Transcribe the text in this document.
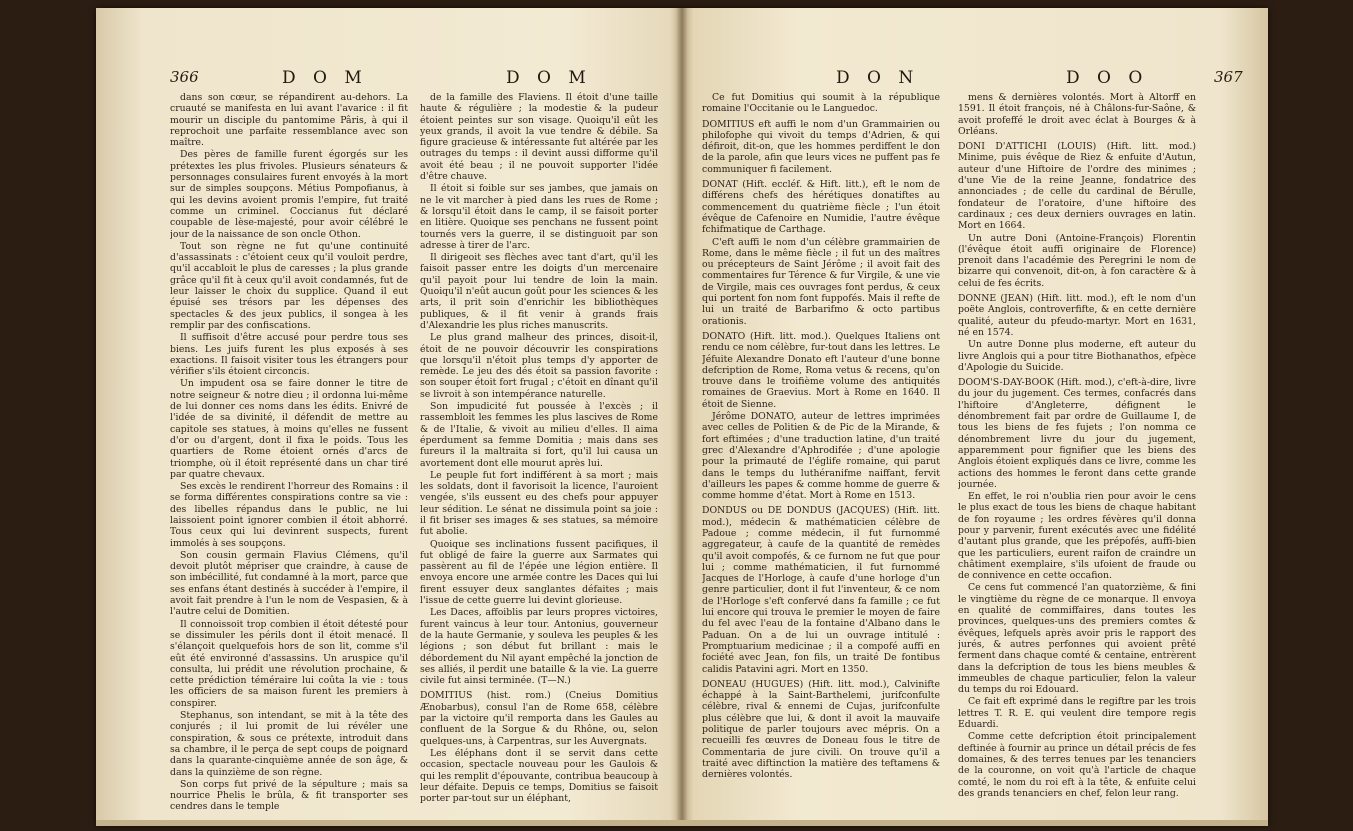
366	D O M	D O M

dans son cœur, se répandirent au-dehors. La cruauté se manifesta en lui avant l'avarice : il fit mourir un disciple du pantomime Pâris, à qui il reprochoit une parfaite ressemblance avec son maître.

Des pères de famille furent égorgés sur les prétextes les plus frivoles. Plusieurs sénateurs & personnages consulaires furent envoyés à la mort sur de simples soupçons. Métius Pompofianus, à qui les devins avoient promis l'empire, fut traité comme un criminel. Coccianus fut déclaré coupable de lèse-majesté, pour avoir célébré le jour de la naissance de son oncle Othon.

Tout son règne ne fut qu'une continuité d'assassinats : c'étoient ceux qu'il vouloit perdre, qu'il accabloit le plus de caresses ; la plus grande grâce qu'il fit à ceux qu'il avoit condamnés, fut de leur laisser le choix du supplice. Quand il eut épuisé ses trésors par les dépenses des spectacles & des jeux publics, il songea à les remplir par des confiscations.

Il suffisoit d'être accusé pour perdre tous ses biens. Les juifs furent les plus exposés à ses exactions. Il faisoit visiter tous les étrangers pour vérifier s'ils étoient circoncis.

Un impudent osa se faire donner le titre de notre seigneur & notre dieu ; il ordonna lui-même de lui donner ces noms dans les édits. Enivré de l'idée de sa divinité, il défendit de mettre au capitole ses statues, à moins qu'elles ne fussent d'or ou d'argent, dont il fixa le poids. Tous les quartiers de Rome étoient ornés d'arcs de triomphe, où il étoit représenté dans un char tiré par quatre chevaux.

Ses excès le rendirent l'horreur des Romains : il se forma différentes conspirations contre sa vie : des libelles répandus dans le public, ne lui laissoient point ignorer combien il étoit abhorré. Tous ceux qui lui devinrent suspects, furent immolés à ses soupçons.

Son cousin germain Flavius Clémens, qu'il devoit plutôt mépriser que craindre, à cause de son imbécillité, fut condamné à la mort, parce que ses enfans étant destinés à succéder à l'empire, il avoit fait prendre à l'un le nom de Vespasien, & à l'autre celui de Domitien.

Il connoissoit trop combien il étoit détesté pour se dissimuler les périls dont il étoit menacé. Il s'élançoit quelquefois hors de son lit, comme s'il eût été environné d'assassins. Un aruspice qu'il consulta, lui prédit une révolution prochaine, & cette prédiction téméraire lui coûta la vie : tous les officiers de sa maison furent les premiers à conspirer.

Stephanus, son intendant, se mit à la tête des conjurés ; il lui promit de lui révéler une conspiration, & sous ce prétexte, introduit dans sa chambre, il le perça de sept coups de poignard dans la quarante-cinquième année de son âge, & dans la quinzième de son règne.

Son corps fut privé de la sépulture ; mais sa nourrice Phelis le brûla, & fit transporter ses cendres dans le temple

de la famille des Flaviens. Il étoit d'une taille haute & régulière ; la modestie & la pudeur étoient peintes sur son visage. Quoiqu'il eût les yeux grands, il avoit la vue tendre & débile. Sa figure gracieuse & intéressante fut altérée par les outrages du temps : il devint aussi difforme qu'il avoit été beau ; il ne pouvoit supporter l'idée d'être chauve.

Il étoit si foible sur ses jambes, que jamais on ne le vit marcher à pied dans les rues de Rome ; & lorsqu'il étoit dans le camp, il se faisoit porter en litière. Quoique ses penchans ne fussent point tournés vers la guerre, il se distinguoit par son adresse à tirer de l'arc.

Il dirigeoit ses flèches avec tant d'art, qu'il les faisoit passer entre les doigts d'un mercenaire qu'il payoit pour lui tendre de loin la main. Quoiqu'il n'eût aucun goût pour les sciences & les arts, il prit soin d'enrichir les bibliothèques publiques, & il fit venir à grands frais d'Alexandrie les plus riches manuscrits.

Le plus grand malheur des princes, disoit-il, étoit de ne pouvoir découvrir les conspirations que lorsqu'il n'étoit plus temps d'y apporter de remède. Le jeu des dés étoit sa passion favorite : son souper étoit fort frugal ; c'étoit en dînant qu'il se livroit à son intempérance naturelle.

Son impudicité fut poussée à l'excès ; il rassembloit les femmes les plus lascives de Rome & de l'Italie, & vivoit au milieu d'elles. Il aima éperdument sa femme Domitia ; mais dans ses fureurs il la maltraita si fort, qu'il lui causa un avortement dont elle mourut après lui.

Le peuple fut fort indifférent à sa mort ; mais les soldats, dont il favorisoit la licence, l'auroient vengée, s'ils eussent eu des chefs pour appuyer leur sédition. Le sénat ne dissimula point sa joie : il fit briser ses images & ses statues, sa mémoire fut abolie.

Quoique ses inclinations fussent pacifiques, il fut obligé de faire la guerre aux Sarmates qui passèrent au fil de l'épée une légion entière. Il envoya encore une armée contre les Daces qui lui firent essuyer deux sanglantes défaites ; mais l'issue de cette guerre lui devint glorieuse.

Les Daces, affoiblis par leurs propres victoires, furent vaincus à leur tour. Antonius, gouverneur de la haute Germanie, y souleva les peuples & les légions ; son début fut brillant : mais le débordement du Nil ayant empêché la jonction de ses alliés, il perdit une bataille & la vie. La guerre civile fut ainsi terminée. (T—N.)

DOMITIUS (hist. rom.) (Cneius Domitius Ænobarbus), consul l'an de Rome 658, célèbre par la victoire qu'il remporta dans les Gaules au confluent de la Sorgue & du Rhône, ou, selon quelques-uns, à Carpentras, sur les Auvergnats.

Les éléphans dont il se servit dans cette occasion, spectacle nouveau pour les Gaulois & qui les remplit d'épouvante, contribua beaucoup à leur défaite. Depuis ce temps, Domitius se faisoit porter par-tout sur un éléphant,

D O N	D O O	367

Ce fut Domitius qui soumit à la république romaine l'Occitanie ou le Languedoc.

DOMITIUS eft auffi le nom d'un Grammairien ou philofophe qui vivoit du temps d'Adrien, & qui défiroit, dit-on, que les hommes perdiffent le don de la parole, afin que leurs vices ne puffent pas fe communiquer fi facilement.

DONAT (Hift. eccléf. & Hift. litt.), eft le nom de différens chefs des hérétiques donatiftes au commencement du quatrième fiècle ; l'un étoit évêque de Cafenoire en Numidie, l'autre évêque fchifmatique de Carthage.

C'eft auffi le nom d'un célèbre grammairien de Rome, dans le même fiècle ; il fut un des maîtres ou précepteurs de Saint Jérôme ; il avoit fait des commentaires fur Térence & fur Virgile, & une vie de Virgile, mais ces ouvrages font perdus, & ceux qui portent fon nom font fuppofés. Mais il refte de lui un traité de Barbarifmo & octo partibus orationis.

DONATO (Hift. litt. mod.). Quelques Italiens ont rendu ce nom célèbre, fur-tout dans les lettres. Le Jéfuite Alexandre Donato eft l'auteur d'une bonne defcription de Rome, Roma vetus & recens, qu'on trouve dans le troifième volume des antiquités romaines de Graevius. Mort à Rome en 1640. Il étoit de Sienne.

Jérôme DONATO, auteur de lettres imprimées avec celles de Politien & de Pic de la Mirande, & fort eftimées ; d'une traduction latine, d'un traité grec d'Alexandre d'Aphrodifée ; d'une apologie pour la primauté de l'églife romaine, qui parut dans le temps du luthéranifme naiffant, fervit d'ailleurs les papes & comme homme de guerre & comme homme d'état. Mort à Rome en 1513.

DONDUS ou DE DONDUS (JACQUES) (Hift. litt. mod.), médecin & mathématicien célèbre de Padoue ; comme médecin, il fut furnommé aggregateur, à caufe de la quantité de remèdes qu'il avoit compofés, & ce furnom ne fut que pour lui ; comme mathématicien, il fut furnommé Jacques de l'Horloge, à caufe d'une horloge d'un genre particulier, dont il fut l'inventeur, & ce nom de l'Horloge s'eft confervé dans fa famille ; ce fut lui encore qui trouva le premier le moyen de faire du fel avec l'eau de la fontaine d'Albano dans le Paduan. On a de lui un ouvrage intitulé : Promptuarium medicinae ; il a compofé auffi en fociété avec Jean, fon fils, un traité De fontibus calidis Patavini agri. Mort en 1350.

DONEAU (HUGUES) (Hift. litt. mod.), Calvinifte échappé à la Saint-Barthelemi, jurifconfulte célèbre, rival & ennemi de Cujas, jurifconfulte plus célèbre que lui, & dont il avoit la mauvaife politique de parler toujours avec mépris. On a recueilli fes œuvres de Doneau fous le titre de Commentaria de jure civili. On trouve qu'il a traité avec diftinction la matière des teftamens & dernières volontés.

mens & dernières volontés. Mort à Altorff en 1591. Il étoit françois, né à Châlons-fur-Saône, & avoit profeffé le droit avec éclat à Bourges & à Orléans.

DONI D'ATTICHI (LOUIS) (Hift. litt. mod.) Minime, puis évêque de Riez & enfuite d'Autun, auteur d'une Hiftoire de l'ordre des minimes ; d'une Vie de la reine Jeanne, fondatrice des annonciades ; de celle du cardinal de Bérulle, fondateur de l'oratoire, d'une hiftoire des cardinaux ; ces deux derniers ouvrages en latin. Mort en 1664.

Un autre Doni (Antoine-François) Florentin (l'évêque étoit auffi originaire de Florence) prenoit dans l'académie des Peregrini le nom de bizarre qui convenoit, dit-on, à fon caractère & à celui de fes écrits.

DONNE (JEAN) (Hift. litt. mod.), eft le nom d'un poëte Anglois, controverfifte, & en cette dernière qualité, auteur du pfeudo-martyr. Mort en 1631, né en 1574.

Un autre Donne plus moderne, eft auteur du livre Anglois qui a pour titre Biothanathos, efpèce d'Apologie du Suicide.

DOOM'S-DAY-BOOK (Hift. mod.), c'eft-à-dire, livre du jour du jugement. Ces termes, confacrés dans l'hiftoire d'Angleterre, défignent le dénombrement fait par ordre de Guillaume I, de tous les biens de fes fujets ; l'on nomma ce dénombrement livre du jour du jugement, apparemment pour fignifier que les biens des Anglois étoient expliqués dans ce livre, comme les actions des hommes le feront dans cette grande journée.

En effet, le roi n'oublia rien pour avoir le cens le plus exact de tous les biens de chaque habitant de fon royaume ; les ordres févères qu'il donna pour y parvenir, furent exécutés avec une fidélité d'autant plus grande, que les prépofés, auffi-bien que les particuliers, eurent raifon de craindre un châtiment exemplaire, s'ils ufoient de fraude ou de connivence en cette occafion.

Ce cens fut commencé l'an quatorzième, & fini le vingtième du règne de ce monarque. Il envoya en qualité de commiffaires, dans toutes les provinces, quelques-uns des premiers comtes & évêques, lefquels après avoir pris le rapport des jurés, & autres perfonnes qui avoient prêté ferment dans chaque comté & centaine, entrèrent dans la defcription de tous les biens meubles & immeubles de chaque particulier, felon la valeur du temps du roi Edouard.

Ce fait eft exprimé dans le regiftre par les trois lettres T. R. E. qui veulent dire tempore regis Eduardi.

Comme cette defcription étoit principalement deftinée à fournir au prince un détail précis de fes domaines, & des terres tenues par les tenanciers de la couronne, on voit qu'à l'article de chaque comté, le nom du roi eft à la tête, & enfuite celui des grands tenanciers en chef, felon leur rang.
